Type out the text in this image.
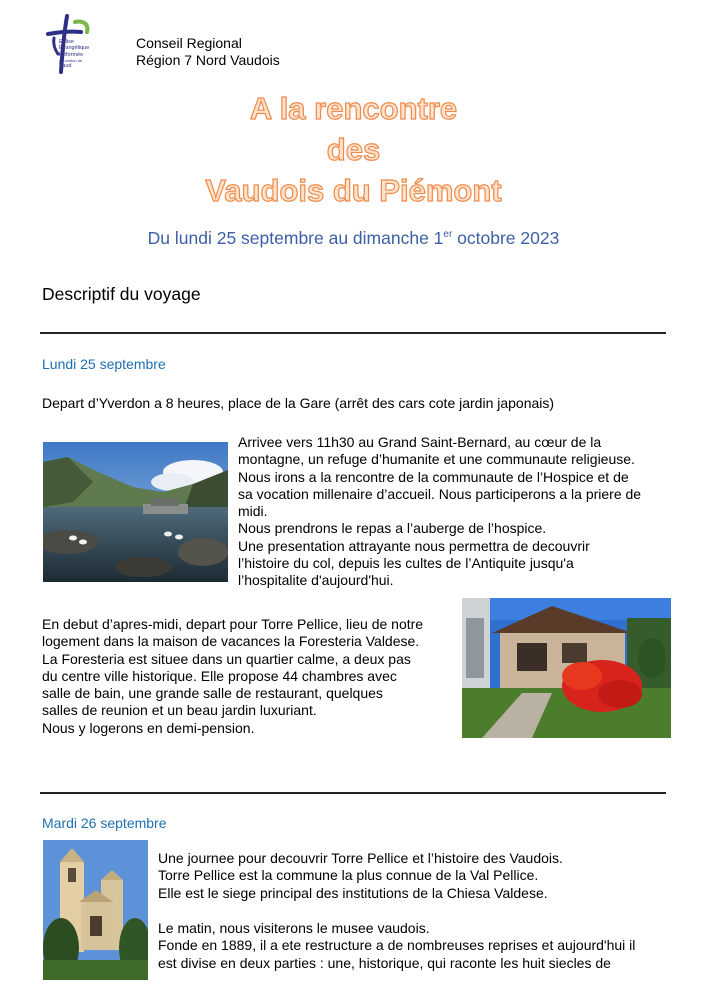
Eglise
Evangélique
Réformée
du canton de
Vaud
Conseil Regional
Région 7 Nord Vaudois
A la rencontre
des
Vaudois du Piémont
Du lundi 25 septembre au dimanche 1er octobre 2023
Descriptif du voyage
Lundi 25 septembre
Depart d’Yverdon a 8 heures, place de la Gare (arrêt des cars cote jardin japonais)
Arrivee vers 11h30 au Grand Saint-Bernard, au cœur de la
montagne, un refuge d’humanite et une communaute religieuse.
Nous irons a la rencontre de la communaute de l’Hospice et de
sa vocation millenaire d’accueil. Nous participerons a la priere de
midi.
Nous prendrons le repas a l’auberge de l’hospice.
Une presentation attrayante nous permettra de decouvrir
l’histoire du col, depuis les cultes de l’Antiquite jusqu'a
l’hospitalite d'aujourd'hui.
En debut d’apres-midi, depart pour Torre Pellice, lieu de notre
logement dans la maison de vacances la Foresteria Valdese.
La Foresteria est situee dans un quartier calme, a deux pas
du centre ville historique. Elle propose 44 chambres avec
salle de bain, une grande salle de restaurant, quelques
salles de reunion et un beau jardin luxuriant.
Nous y logerons en demi-pension.
Mardi 26 septembre
Une journee pour decouvrir Torre Pellice et l’histoire des Vaudois.
Torre Pellice est la commune la plus connue de la Val Pellice.
Elle est le siege principal des institutions de la Chiesa Valdese.
Le matin, nous visiterons le musee vaudois.
Fonde en 1889, il a ete restructure a de nombreuses reprises et aujourd'hui il
est divise en deux parties : une, historique, qui raconte les huit siecles de
